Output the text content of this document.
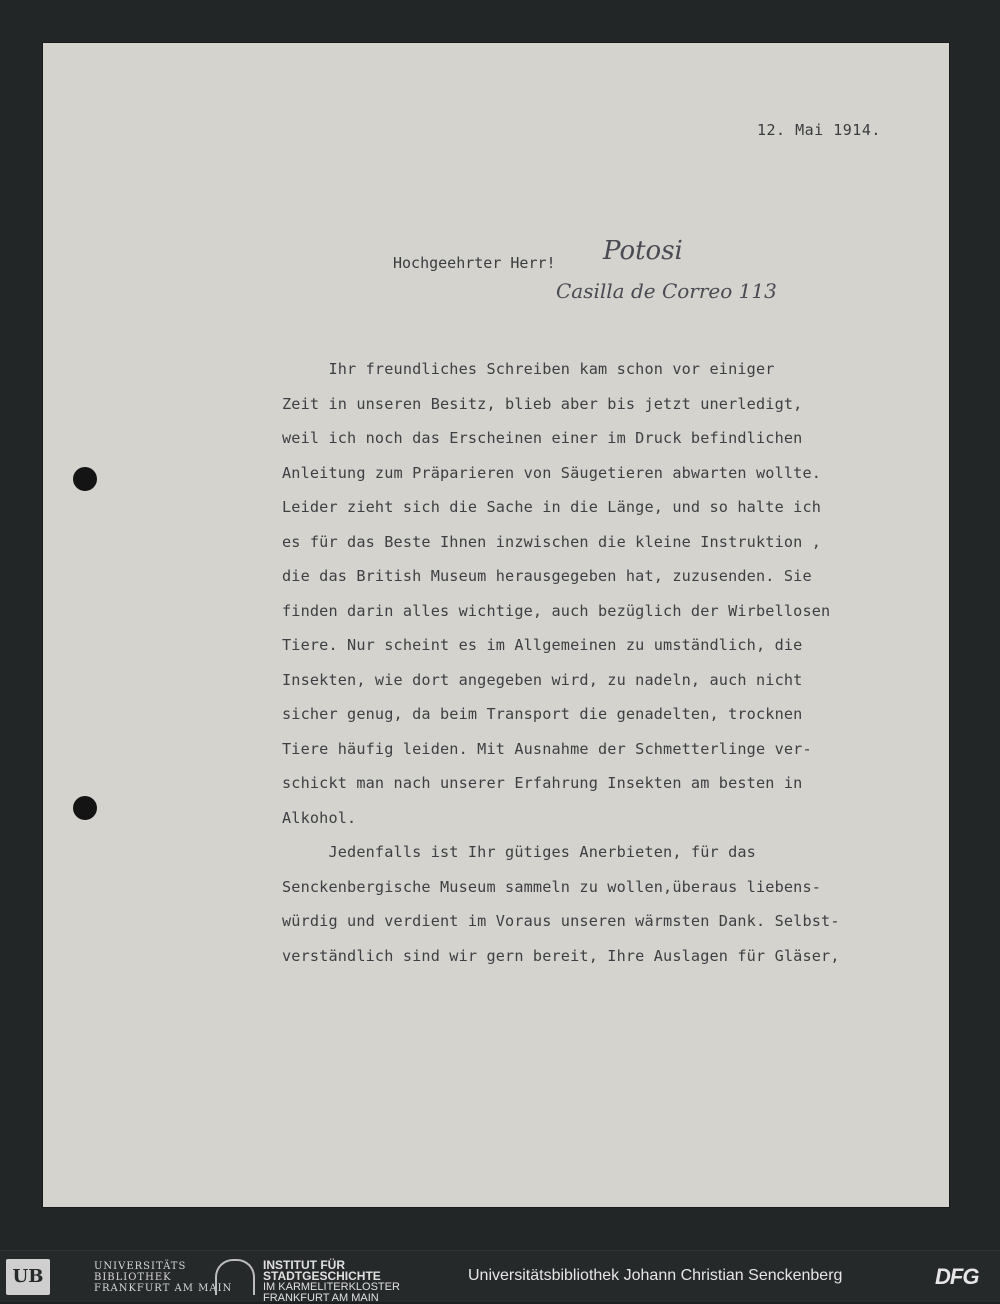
12. Mai 1914.
Hochgeehrter Herr! Potosi
Casilla de Correo 113
Ihr freundliches Schreiben kam schon vor einiger
Zeit in unseren Besitz, blieb aber bis jetzt unerledigt,
weil ich noch das Erscheinen einer im Druck befindlichen
Anleitung zum Präparieren von Säugetieren abwarten wollte.
Leider zieht sich die Sache in die Länge, und so halte ich
es für das Beste Ihnen inzwischen die kleine Instruktion ,
die das British Museum herausgegeben hat, zuzusenden. Sie
finden darin alles wichtige, auch bezüglich der Wirbellosen
Tiere. Nur scheint es im Allgemeinen zu umständlich, die
Insekten, wie dort angegeben wird, zu nadeln, auch nicht
sicher genug, da beim Transport die genadelten, trocknen
Tiere häufig leiden. Mit Ausnahme der Schmetterlinge ver-
schickt man nach unserer Erfahrung Insekten am besten in
Alkohol.
Jedenfalls ist Ihr gütiges Anerbieten, für das
Senckenbergische Museum sammeln zu wollen,überaus liebens-
würdig und verdient im Voraus unseren wärmsten Dank. Selbst-
verständlich sind wir gern bereit, Ihre Auslagen für Gläser,
UB	UNIVERSITÄTS
BIBLIOTHEK
FRANKFURT AM MAIN
INSTITUT FÜR
STADTGESCHICHTE
IM KARMELITERKLOSTER
FRANKFURT AM MAIN
Universitätsbibliothek Johann Christian Senckenberg	DFG
